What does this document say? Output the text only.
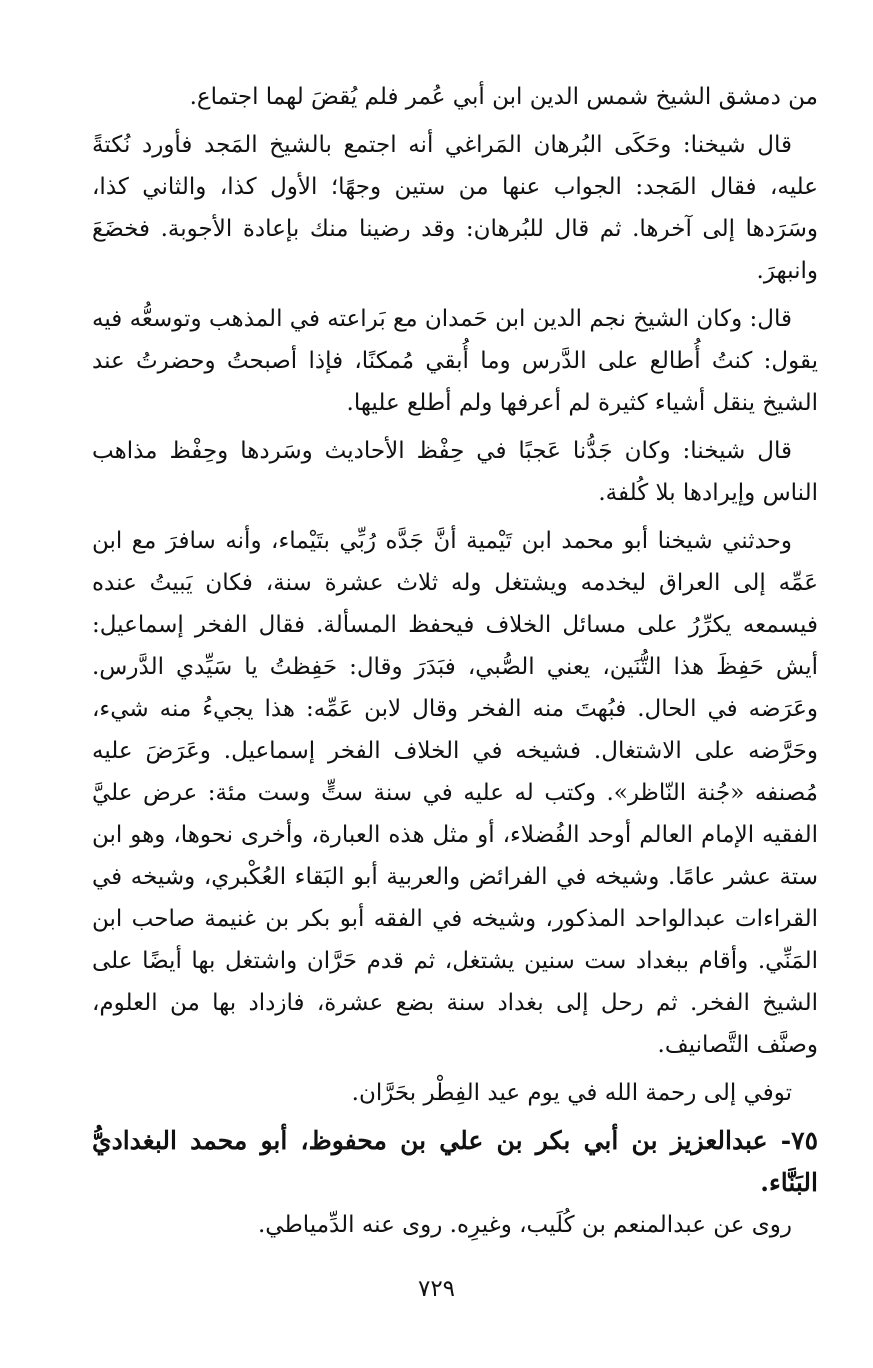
من دمشق الشيخ شمس الدين ابن أبي عُمر فلم يُقضَ لهما اجتماع.

قال شيخنا: وحَكَى البُرهان المَراغي أنه اجتمع بالشيخ المَجد فأورد نُكتةً عليه، فقال المَجد: الجواب عنها من ستين وجهًا؛ الأول كذا، والثاني كذا، وسَرَدها إلى آخرها. ثم قال للبُرهان: وقد رضينا منك بإعادة الأجوبة. فخضَعَ وانبهرَ.

قال: وكان الشيخ نجم الدين ابن حَمدان مع بَراعته في المذهب وتوسعُّه فيه يقول: كنتُ أُطالع على الدَّرس وما أُبقي مُمكنًا، فإذا أصبحتُ وحضرتُ عند الشيخ ينقل أشياء كثيرة لم أعرفها ولم أطلع عليها.

قال شيخنا: وكان جَدُّنا عَجبًا في حِفْظ الأحاديث وسَردها وحِفْظ مذاهب الناس وإيرادها بلا كُلفة.

وحدثني شيخنا أبو محمد ابن تَيْمية أنَّ جَدَّه رُبِّي بتَيْماء، وأنه سافرَ مع ابن عَمِّه إلى العراق ليخدمه ويشتغل وله ثلاث عشرة سنة، فكان يَبيتُ عنده فيسمعه يكرِّرُ على مسائل الخلاف فيحفظ المسألة. فقال الفخر إسماعيل: أيش حَفِظَ هذا التُّنَين، يعني الصُّبي، فبَدَرَ وقال: حَفِظتُ يا سَيِّدي الدَّرس. وعَرَضه في الحال. فبُهتَ منه الفخر وقال لابن عَمِّه: هذا يجيءُ منه شيء، وحَرَّضه على الاشتغال. فشيخه في الخلاف الفخر إسماعيل. وعَرَضَ عليه مُصنفه «جُنة النّاظر». وكتب له عليه في سنة ستٍّ وست مئة: عرض عليَّ الفقيه الإمام العالم أوحد الفُضلاء، أو مثل هذه العبارة، وأخرى نحوها، وهو ابن ستة عشر عامًا. وشيخه في الفرائض والعربية أبو البَقاء العُكْبري، وشيخه في القراءات عبدالواحد المذكور، وشيخه في الفقه أبو بكر بن غنيمة صاحب ابن المَنِّي. وأقام ببغداد ست سنين يشتغل، ثم قدم حَرَّان واشتغل بها أيضًا على الشيخ الفخر. ثم رحل إلى بغداد سنة بضع عشرة، فازداد بها من العلوم، وصنَّف التَّصانيف.

توفي إلى رحمة الله في يوم عيد الفِطْر بحَرَّان.

٧٥- عبدالعزيز بن أبي بكر بن علي بن محفوظ، أبو محمد البغداديُّ البَنَّاء.

روى عن عبدالمنعم بن كُلَيب، وغيرِه. روى عنه الدِّمياطي.

٧٢٩
